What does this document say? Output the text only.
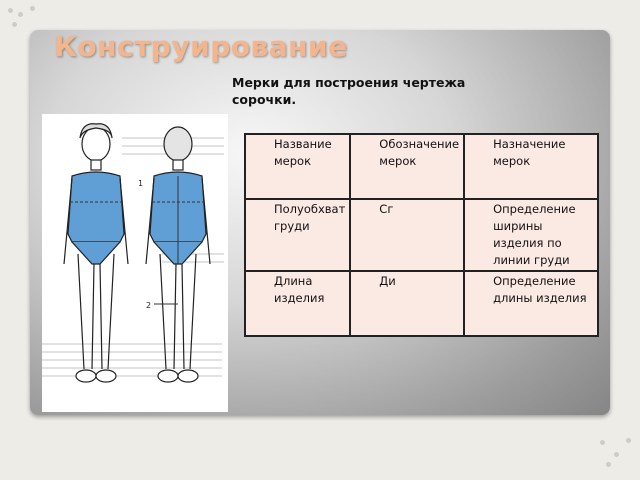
Конструирование
Мерки для построения чертежа сорочки.
1
2
Название мерок	Обозначение мерок	Назначение мерок

Полуобхват груди	Сг	Определение ширины изделия по линии груди

Длина изделия	Ди	Определение длины изделия
